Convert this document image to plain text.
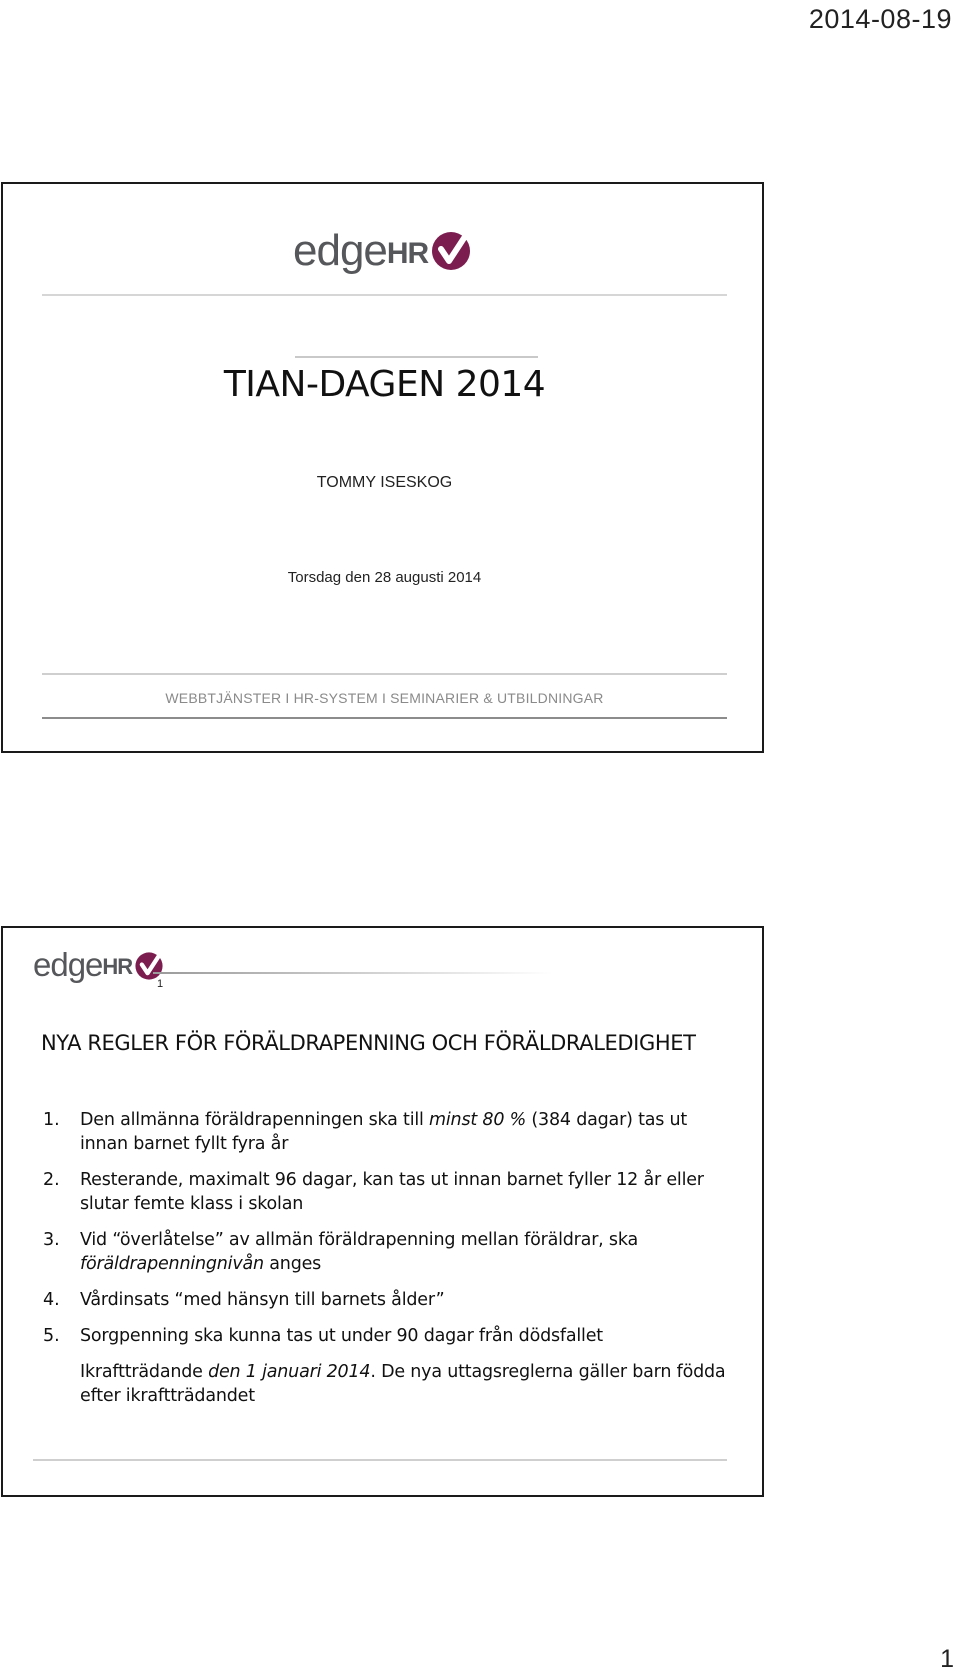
2014-08-19
edge HR
TIAN-DAGEN 2014
TOMMY ISESKOG
Torsdag den 28 augusti 2014
WEBBTJÄNSTER I HR-SYSTEM I SEMINARIER & UTBILDNINGAR
edge HR
1
NYA REGLER FÖR FÖRÄLDRAPENNING OCH FÖRÄLDRALEDIGHET
1.	Den allmänna föräldrapenningen ska till minst 80 % (384 dagar) tas ut innan barnet fyllt fyra år
2.	Resterande, maximalt 96 dagar, kan tas ut innan barnet fyller 12 år eller slutar femte klass i skolan
3.	Vid “överlåtelse” av allmän föräldrapenning mellan föräldrar, ska föräldrapenningnivån anges
4.	Vårdinsats “med hänsyn till barnets ålder”
5.	Sorgpenning ska kunna tas ut under 90 dagar från dödsfallet
Ikraftträdande den 1 januari 2014. De nya uttagsreglerna gäller barn födda efter ikraftträdandet
1
